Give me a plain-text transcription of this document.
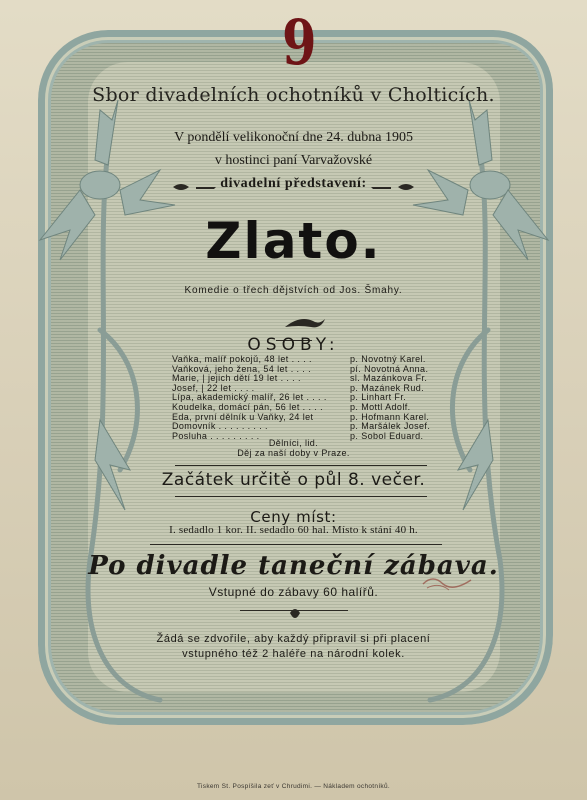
9
Sbor divadelních ochotníků v Cholticích.
V pondělí velikonoční dne 24. dubna 1905
v hostinci paní Varvažovské
divadelní představení:
Zlato.
Komedie o třech dějstvích od Jos. Šmahy.
OSOBY:
Vaňka, malíř pokojů, 48 let . . . .	p. Novotný Karel.
Vaňková, jeho žena, 54 let . . . .	pí. Novotná Anna.
Marie, | jejich dětí 19 let . . . .	sl. Mazánkova Fr.
Josef, | 22 let . . . .	p. Mazánek Rud.
Lípa, akademický malíř, 26 let . . . .	p. Linhart Fr.
Koudelka, domácí pán, 56 let . . . .	p. Mottl Adolf.
Eda, první dělník u Vaňky, 24 let	p. Hofmann Karel.
Domovník . . . . . . . . .	p. Maršálek Josef.
Posluha . . . . . . . . .	p. Sobol Eduard.
Dělníci, lid.
Děj za naší doby v Praze.
Začátek určitě o půl 8. večer.
Ceny míst:
I. sedadlo 1 kor. II. sedadlo 60 hal. Místo k stání 40 h.
Po divadle taneční zábava.
Vstupné do zábavy 60 halířů.
Žádá se zdvořile, aby každý připravil si při placení
vstupného též 2 haléře na národní kolek.
Tiskem St. Pospíšila zeť v Chrudimi. — Nákladem ochotníků.
